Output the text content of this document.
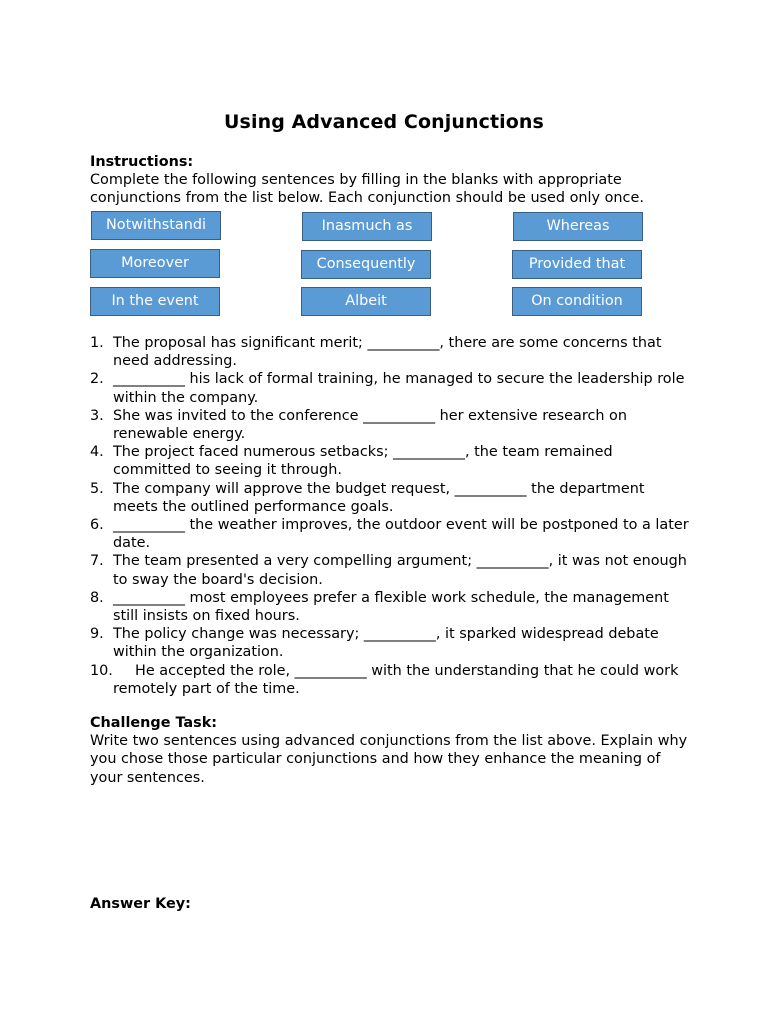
Using Advanced Conjunctions
Instructions:

Complete the following sentences by filling in the blanks with appropriate conjunctions from the list below. Each conjunction should be used only once.

Notwithstandi	Inasmuch as	Whereas
Moreover	Consequently	Provided that
In the event	Albeit	On condition
1. The proposal has significant merit; __________, there are some concerns that need addressing.
2. __________ his lack of formal training, he managed to secure the leadership role within the company.
3. She was invited to the conference __________ her extensive research on renewable energy.
4. The project faced numerous setbacks; __________, the team remained committed to seeing it through.
5. The company will approve the budget request, __________ the department meets the outlined performance goals.
6. __________ the weather improves, the outdoor event will be postponed to a later date.
7. The team presented a very compelling argument; __________, it was not enough to sway the board's decision.
8. __________ most employees prefer a flexible work schedule, the management still insists on fixed hours.
9. The policy change was necessary; __________, it sparked widespread debate within the organization.
10. He accepted the role, __________ with the understanding that he could work remotely part of the time.
Challenge Task:

Write two sentences using advanced conjunctions from the list above. Explain why you chose those particular conjunctions and how they enhance the meaning of your sentences.

Answer Key:
